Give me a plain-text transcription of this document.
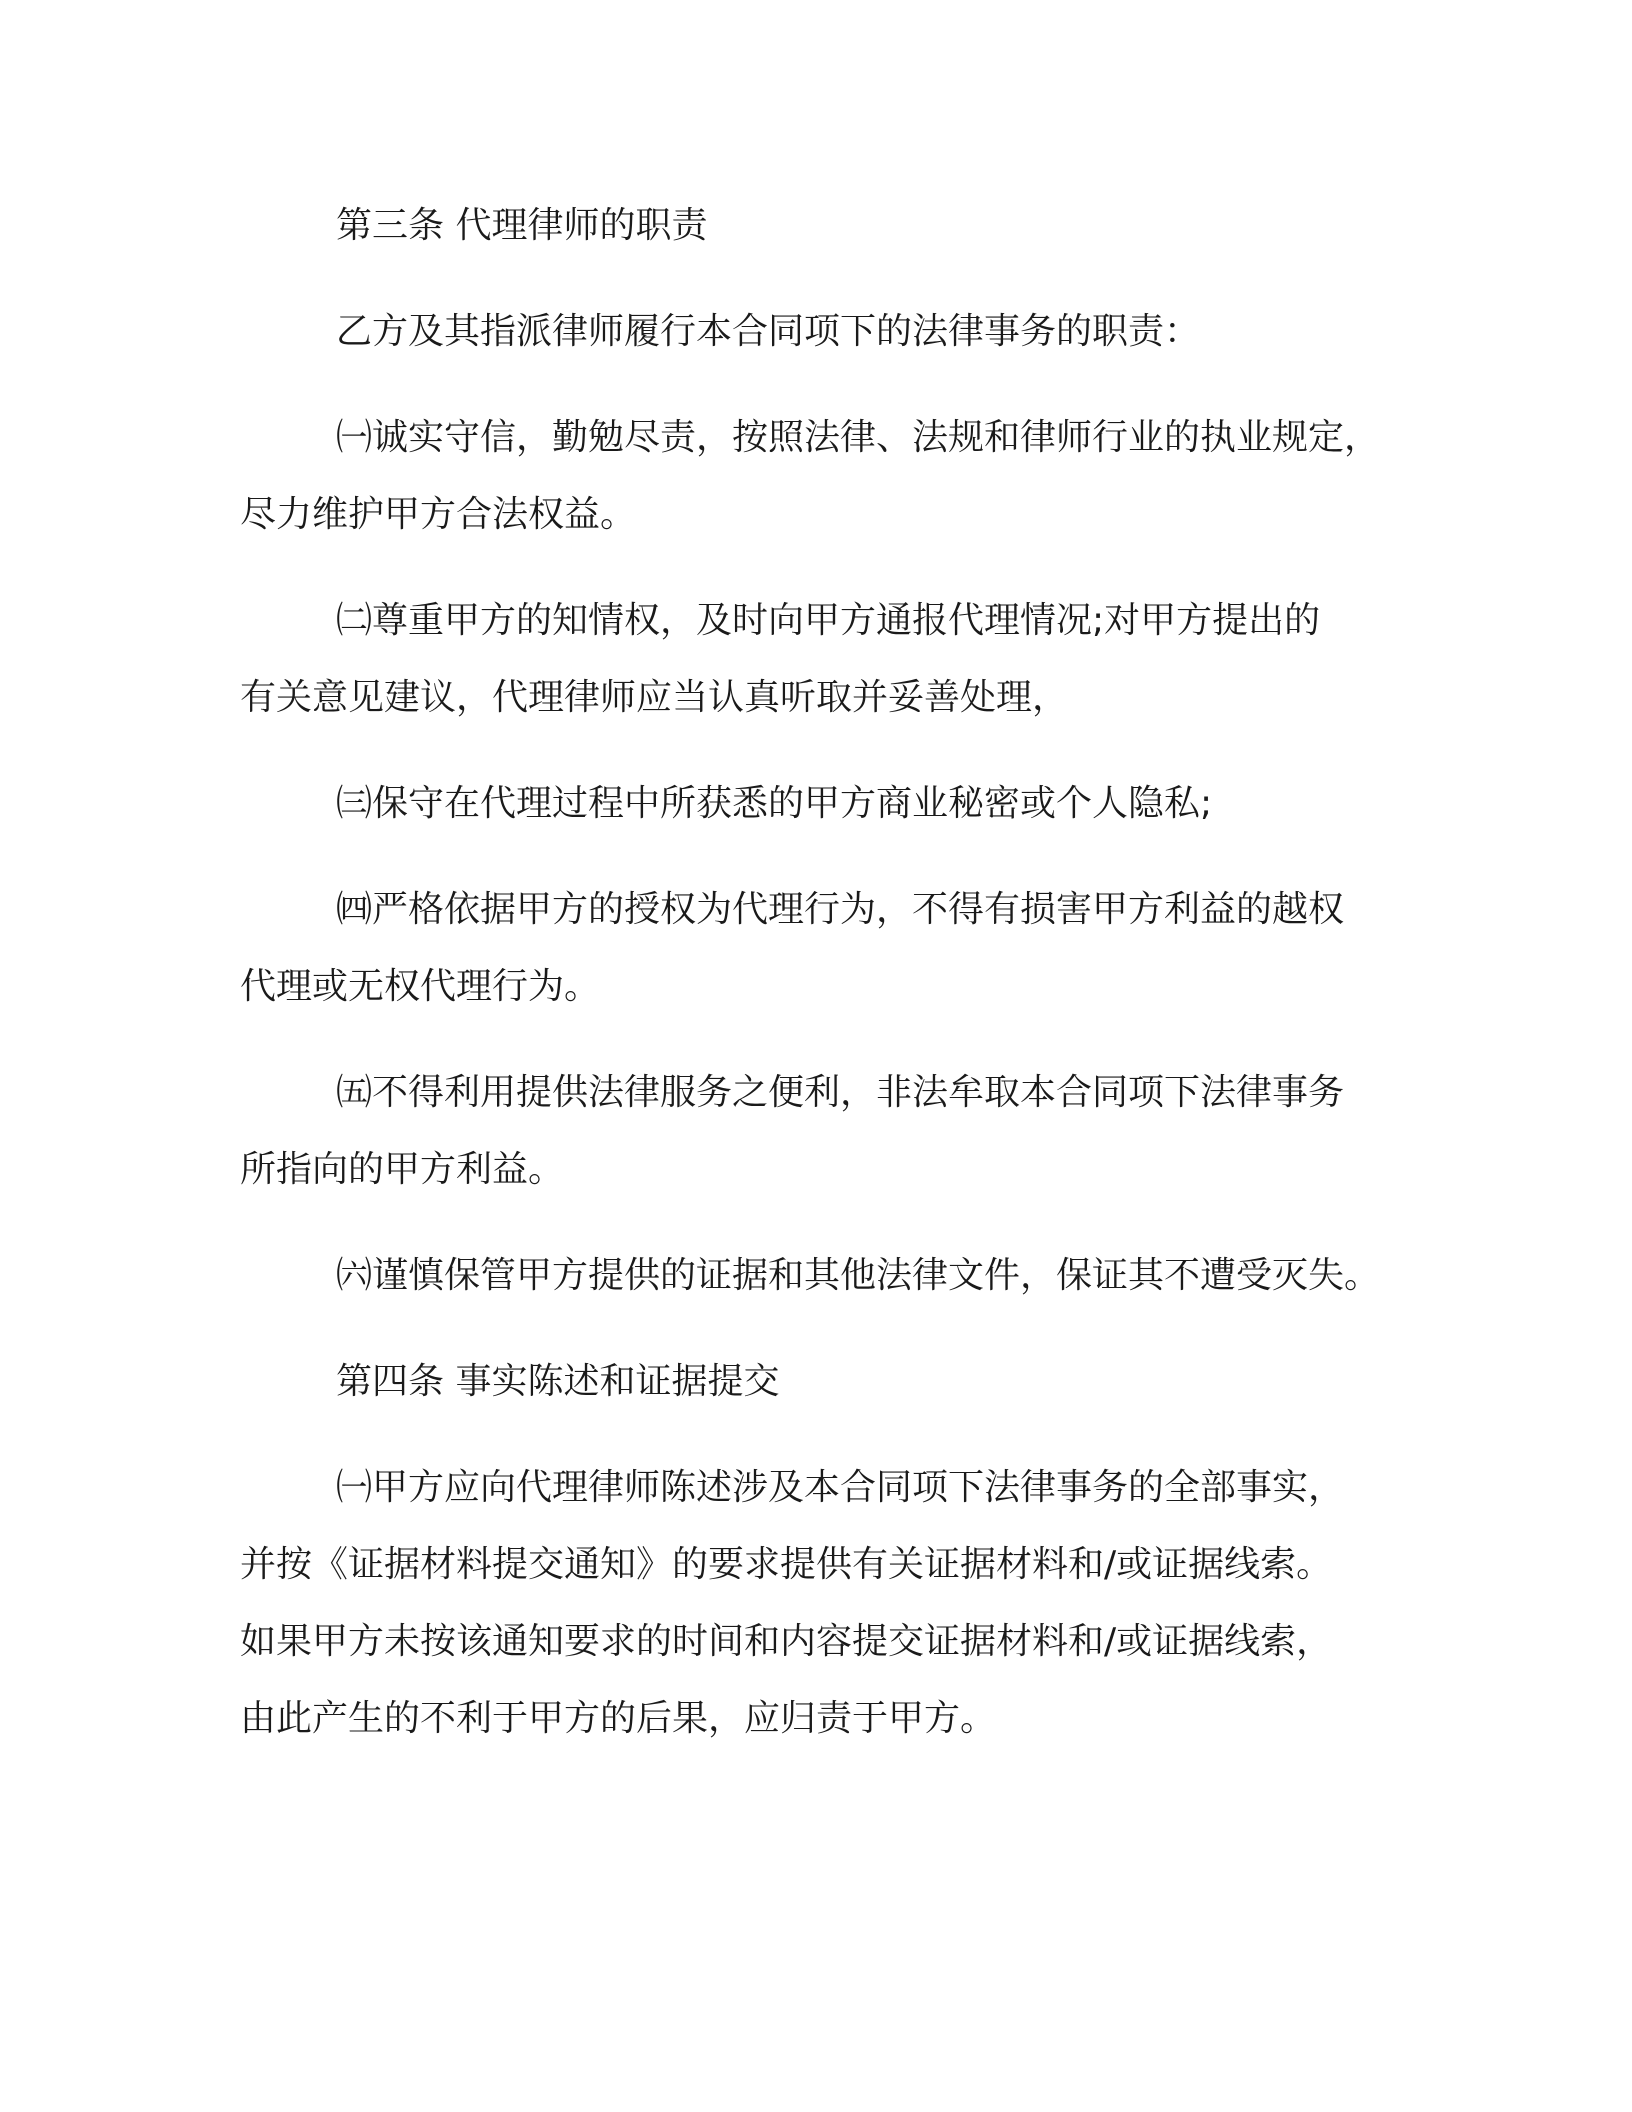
第三条 代理律师的职责
乙方及其指派律师履行本合同项下的法律事务的职责：
㈠诚实守信，勤勉尽责，按照法律、法规和律师行业的执业规定，
尽力维护甲方合法权益。
㈡尊重甲方的知情权，及时向甲方通报代理情况;对甲方提出的
有关意见建议，代理律师应当认真听取并妥善处理，
㈢保守在代理过程中所获悉的甲方商业秘密或个人隐私;
㈣严格依据甲方的授权为代理行为，不得有损害甲方利益的越权
代理或无权代理行为。
㈤不得利用提供法律服务之便利，非法牟取本合同项下法律事务
所指向的甲方利益。
㈥谨慎保管甲方提供的证据和其他法律文件，保证其不遭受灭失。
第四条 事实陈述和证据提交
㈠甲方应向代理律师陈述涉及本合同项下法律事务的全部事实，
并按《证据材料提交通知》的要求提供有关证据材料和/或证据线索。
如果甲方未按该通知要求的时间和内容提交证据材料和/或证据线索，
由此产生的不利于甲方的后果，应归责于甲方。
